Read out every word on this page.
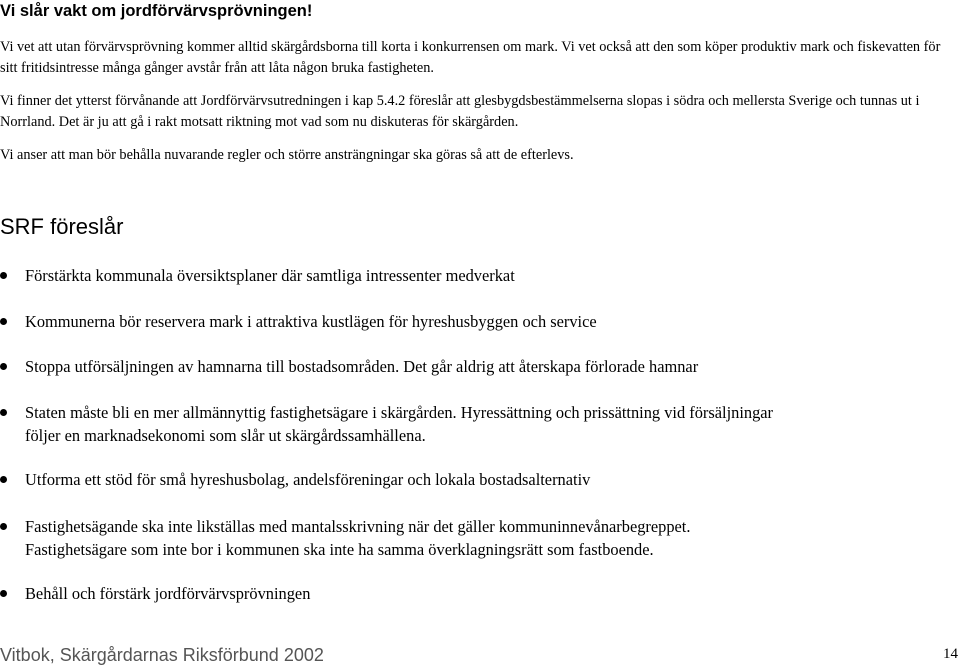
Vi slår vakt om jordförvärvsprövningen!

Vi vet att utan förvärvsprövning kommer alltid skärgårdsborna till korta i konkurrensen om mark. Vi vet också att den som köper produktiv mark och fiskevatten för sitt fritidsintresse många gånger avstår från att låta någon bruka fastigheten.

Vi finner det ytterst förvånande att Jordförvärvsutredningen i kap 5.4.2 föreslår att glesbygdsbestämmelserna slopas i södra och mellersta Sverige och tunnas ut i Norrland. Det är ju att gå i rakt motsatt riktning mot vad som nu diskuteras för skärgården.

Vi anser att man bör behålla nuvarande regler och större ansträngningar ska göras så att de efterlevs.

SRF föreslår
Förstärkta kommunala översiktsplaner där samtliga intressenter medverkat
Kommunerna bör reservera mark i attraktiva kustlägen för hyreshusbyggen och service
Stoppa utförsäljningen av hamnarna till bostadsområden. Det går aldrig att återskapa förlorade hamnar
Staten måste bli en mer allmännyttig fastighetsägare i skärgården. Hyressättning och prissättning vid försäljningar
följer en marknadsekonomi som slår ut skärgårdssamhällena.
Utforma ett stöd för små hyreshusbolag, andelsföreningar och lokala bostadsalternativ
Fastighetsägande ska inte likställas med mantalsskrivning när det gäller kommuninnevånarbegreppet.
Fastighetsägare som inte bor i kommunen ska inte ha samma överklagningsrätt som fastboende.
Behåll och förstärk jordförvärvsprövningen
Vitbok, Skärgårdarnas Riksförbund 2002	14
